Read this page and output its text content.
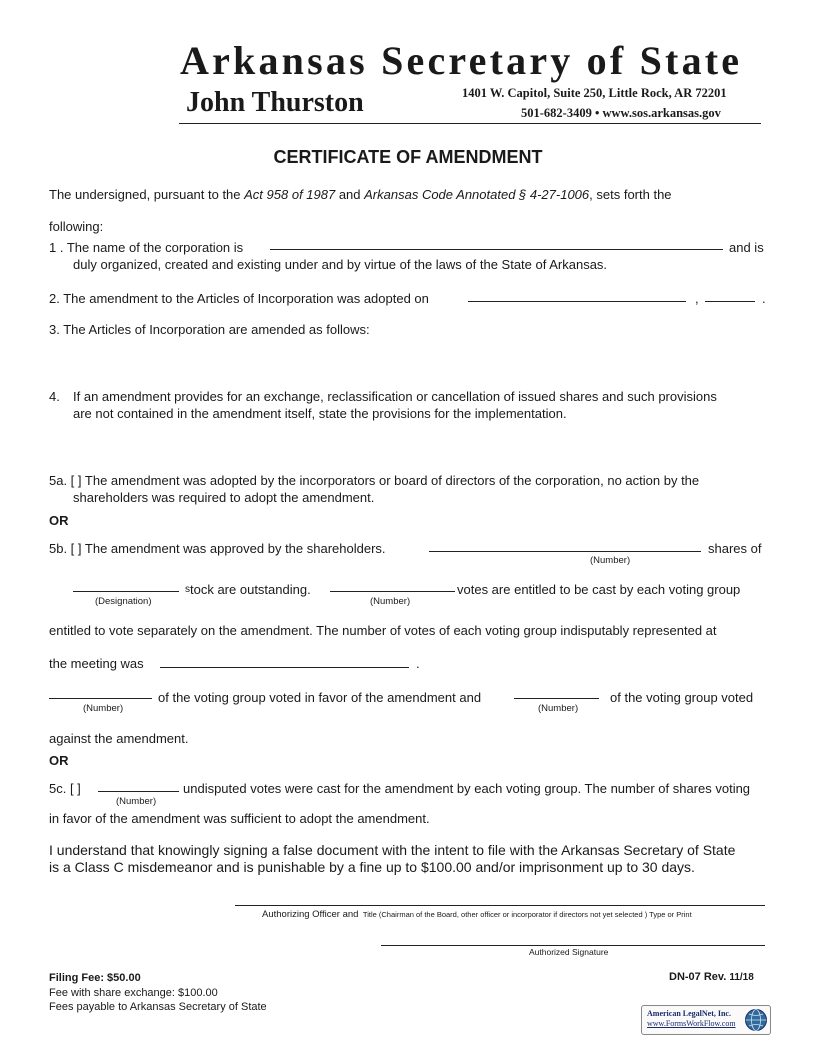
Arkansas Secretary of State
John Thurston	1401 W. Capitol, Suite 250, Little Rock, AR 72201
501-682-3409 • www.sos.arkansas.gov
CERTIFICATE OF AMENDMENT
The undersigned, pursuant to the Act 958 of 1987 and Arkansas Code Annotated § 4-27-1006, sets forth the
following:
1 . The name of the corporation is	and is
duly organized, created and existing under and by virtue of the laws of the State of Arkansas.
2. The amendment to the Articles of Incorporation was adopted on	,	.
3. The Articles of Incorporation are amended as follows:
4. If an amendment provides for an exchange, reclassification or cancellation of issued shares and such provisions
are not contained in the amendment itself, state the provisions for the implementation.
5a. [ ] The amendment was adopted by the incorporators or board of directors of the corporation, no action by the
shareholders was required to adopt the amendment.
OR
5b. [ ] The amendment was approved by the shareholders.	shares of
(Number)
$^s$tock are outstanding.	votes are entitled to be cast by each voting group
(Designation)	(Number)
entitled to vote separately on the amendment. The number of votes of each voting group indisputably represented at
the meeting was	.
of the voting group voted in favor of the amendment and	of the voting group voted
(Number)	(Number)
against the amendment.
OR
5c. [ ]	undisputed votes were cast for the amendment by each voting group. The number of shares voting
(Number)
in favor of the amendment was sufficient to adopt the amendment.
I understand that knowingly signing a false document with the intent to file with the Arkansas Secretary of State
is a Class C misdemeanor and is punishable by a fine up to $100.00 and/or imprisonment up to 30 days.
Authorizing Officer and Title (Chairman of the Board, other officer or incorporator if directors not yet selected ) Type or Print
Authorized Signature
Filing Fee: $50.00
Fee with share exchange: $100.00
Fees payable to Arkansas Secretary of State
DN-07 Rev. 11/18
American LegalNet, Inc.
www.FormsWorkFlow.com
